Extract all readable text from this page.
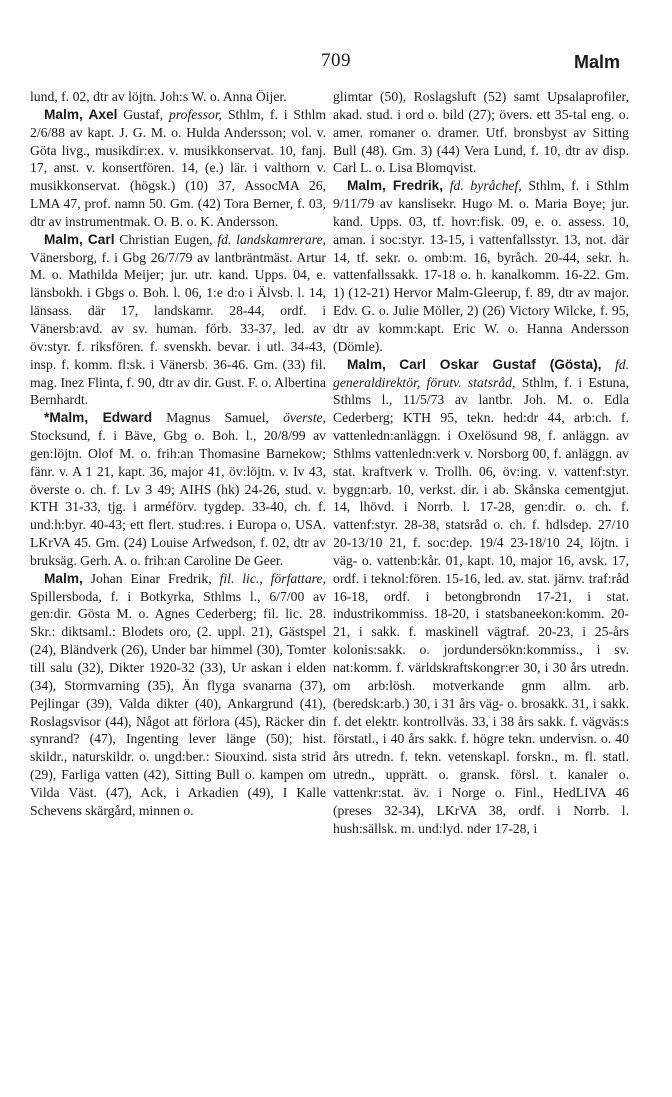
709	Malm

lund, f. 02, dtr av löjtn. Joh:s W. o. Anna Öijer.

Malm, Axel Gustaf, professor, Sthlm, f. i Sthlm 2/6/88 av kapt. J. G. M. o. Hulda Andersson; vol. v. Göta livg., musikdir:ex. v. musikkonservat. 10, fanj. 17, anst. v. konsertfören. 14, (e.) lär. i valthorn v. musikkonservat. (högsk.) (10) 37, AssocMA 26, LMA 47, prof. namn 50. Gm. (42) Tora Berner, f. 03, dtr av instrumentmak. O. B. o. K. Andersson.

Malm, Carl Christian Eugen, fd. landskamrerare, Vänersborg, f. i Gbg 26/7/79 av lantbräntmäst. Artur M. o. Mathilda Meijer; jur. utr. kand. Upps. 04, e. länsbokh. i Gbgs o. Boh. l. 06, 1:e d:o i Älvsb. l. 14, länsass. där 17, landskamr. 28-44, ordf. i Vänersb:avd. av sv. human. förb. 33-37, led. av öv:styr. f. riksfören. f. svenskh. bevar. i utl. 34-43, insp. f. komm. fl:sk. i Vänersb. 36-46. Gm. (33) fil. mag. Inez Flinta, f. 90, dtr av dir. Gust. F. o. Albertina Bernhardt.

*Malm, Edward Magnus Samuel, överste, Stocksund, f. i Bäve, Gbg o. Boh. l., 20/8/99 av gen:löjtn. Olof M. o. frih:an Thomasine Barnekow; fänr. v. A 1 21, kapt. 36, major 41, öv:löjtn. v. Iv 43, överste o. ch. f. Lv 3 49; AIHS (hk) 24-26, stud. v. KTH 31-33, tjg. i arméförv. tygdep. 33-40, ch. f. und:h:byr. 40-43; ett flert. stud:res. i Europa o. USA. LKrVA 45. Gm. (24) Louise Arfwedson, f. 02, dtr av bruksäg. Gerh. A. o. frih:an Caroline De Geer.

Malm, Johan Einar Fredrik, fil. lic., författare, Spillersboda, f. i Botkyrka, Sthlms l., 6/7/00 av gen:dir. Gösta M. o. Agnes Cederberg; fil. lic. 28. Skr.: diktsaml.: Blodets oro, (2. uppl. 21), Gästspel (24), Bländverk (26), Under bar himmel (30), Tomter till salu (32), Dikter 1920-32 (33), Ur askan i elden (34), Stormvarning (35), Än flyga svanarna (37), Pejlingar (39), Valda dikter (40), Ankargrund (41), Roslagsvisor (44), Något att förlora (45), Räcker din synrand? (47), Ingenting lever länge (50); hist. skildr., naturskildr. o. ungd:ber.: Siouxind. sista strid (29), Farliga vatten (42), Sitting Bull o. kampen om Vilda Väst. (47), Ack, i Arkadien (49), I Kalle Schevens skärgård, minnen o.

glimtar (50), Roslagsluft (52) samt Upsalaprofiler, akad. stud. i ord o. bild (27); övers. ett 35-tal eng. o. amer. romaner o. dramer. Utf. bronsbyst av Sitting Bull (48). Gm. 3) (44) Vera Lund, f. 10, dtr av disp. Carl L. o. Lisa Blomqvist.

Malm, Fredrik, fd. byråchef, Sthlm, f. i Sthlm 9/11/79 av kanslisekr. Hugo M. o. Maria Boye; jur. kand. Upps. 03, tf. hovr:fisk. 09, e. o. assess. 10, aman. i soc:styr. 13-15, i vattenfallsstyr. 13, not. där 14, tf. sekr. o. omb:m. 16, byråch. 20-44, sekr. h. vattenfallssakk. 17-18 o. h. kanalkomm. 16-22. Gm. 1) (12-21) Hervor Malm-Gleerup, f. 89, dtr av major. Edv. G. o. Julie Möller, 2) (26) Victory Wilcke, f. 95, dtr av komm:kapt. Eric W. o. Hanna Andersson (Dömle).

Malm, Carl Oskar Gustaf (Gösta), fd. generaldirektör, förutv. statsråd, Sthlm, f. i Estuna, Sthlms l., 11/5/73 av lantbr. Joh. M. o. Edla Cederberg; KTH 95, tekn. hed:dr 44, arb:ch. f. vattenledn:anläggn. i Oxelösund 98, f. anläggn. av Sthlms vattenledn:verk v. Norsborg 00, f. anläggn. av stat. kraftverk v. Trollh. 06, öv:ing. v. vattenf:styr. byggn:arb. 10, verkst. dir. i ab. Skånska cementgjut. 14, lhövd. i Norrb. l. 17-28, gen:dir. o. ch. f. vattenf:styr. 28-38, statsråd o. ch. f. hdlsdep. 27/10 20-13/10 21, f. soc:dep. 19/4 23-18/10 24, löjtn. i väg- o. vattenb:kår. 01, kapt. 10, major 16, avsk. 17, ordf. i teknol:fören. 15-16, led. av. stat. järnv. traf:råd 16-18, ordf. i betongbrondn 17-21, i stat. industrikommiss. 18-20, i statsbaneekon:komm. 20-21, i sakk. f. maskinell vägtraf. 20-23, i 25-års kolonis:sakk. o. jordundersökn:kommiss., i sv. nat:komm. f. världskraftskongr:er 30, i 30 års utredn. om arb:lösh. motverkande gnm allm. arb. (beredsk:arb.) 30, i 31 års väg- o. brosakk. 31, i sakk. f. det elektr. kontrollväs. 33, i 38 års sakk. f. vägväs:s förstatl., i 40 års sakk. f. högre tekn. undervisn. o. 40 års utredn. f. tekn. vetenskapl. forskn., m. fl. statl. utredn., upprätt. o. gransk. försl. t. kanaler o. vattenkr:stat. äv. i Norge o. Finl., HedLIVA 46 (preses 32-34), LKrVA 38, ordf. i Norrb. l. hush:sällsk. m. und:lyd. nder 17-28, i
